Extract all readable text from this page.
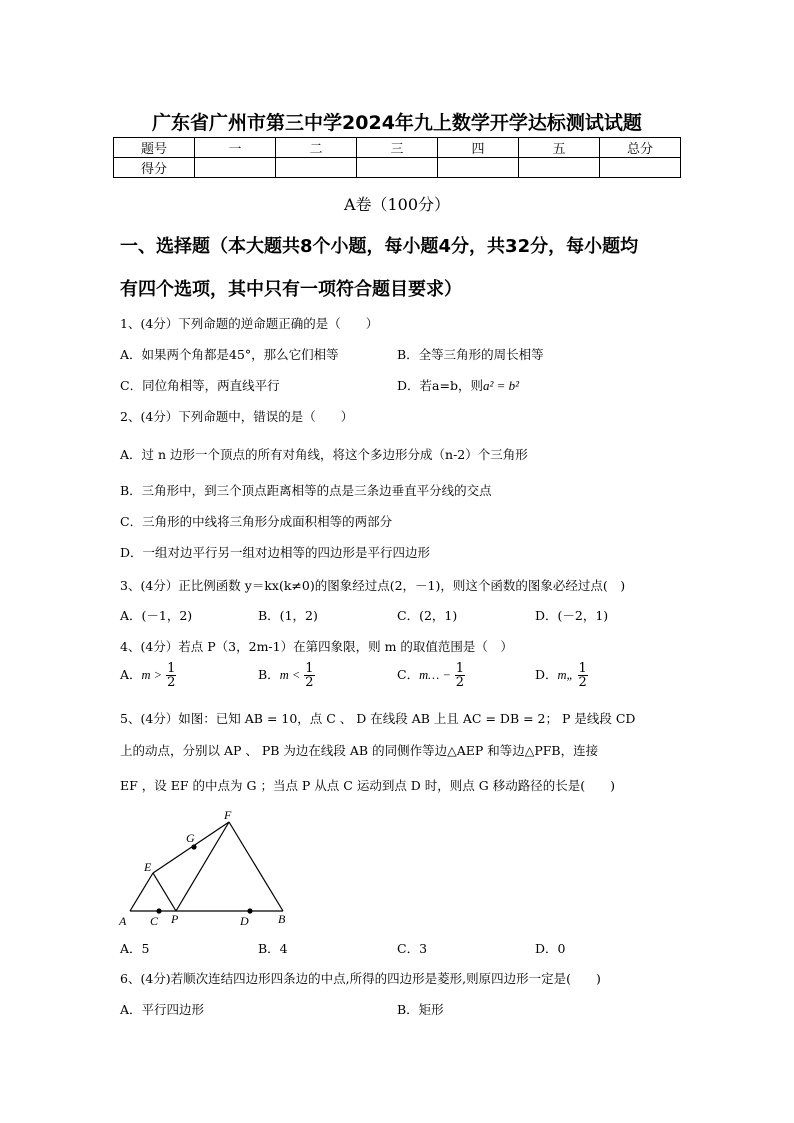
广东省广州市第三中学2024年九上数学开学达标测试试题
题号	一	二	三	四	五	总分
得分						
A卷（100分）
一、选择题（本大题共8个小题，每小题4分，共32分，每小题均
有四个选项，其中只有一项符合题目要求）
1、(4分）下列命题的逆命题正确的是（　　）
A．如果两个角都是45°，那么它们相等	B．全等三角形的周长相等
C．同位角相等，两直线平行	D．若a=b，则a² = b²
2、(4分）下列命题中，错误的是（　　）
A．过 n 边形一个顶点的所有对角线，将这个多边形分成（n-2）个三角形
B．三角形中，到三个顶点距离相等的点是三条边垂直平分线的交点
C．三角形的中线将三角形分成面积相等的两部分
D．一组对边平行另一组对边相等的四边形是平行四边形
3、(4分）正比例函数 y＝kx(k≠0)的图象经过点(2，－1)，则这个函数的图象必经过点(　)
A．(－1，2)	B．(1，2)	C．(2，1)	D．(－2，1)
4、(4分）若点 P（3，2m-1）在第四象限，则 m 的取值范围是（　）
A．$m > \frac{1}{2}$	B．$m < \frac{1}{2}$	C．m… − $\frac{1}{2}$	D．m„ $\frac{1}{2}$
5、(4分）如图：已知 AB = 10，点 C 、 D 在线段 AB 上且 AC = DB = 2； P 是线段 CD
上的动点，分别以 AP 、 PB 为边在线段 AB 的同侧作等边△AEP 和等边△PFB，连接
EF ，设 EF 的中点为 G ；当点 P 从点 C 运动到点 D 时，则点 G 移动路径的长是(　　)
A C P	D B
E
F
G
A．5	B．4	C．3	D．0
6、(4分)若顺次连结四边形四条边的中点,所得的四边形是菱形,则原四边形一定是(　　)
A．平行四边形	B．矩形
